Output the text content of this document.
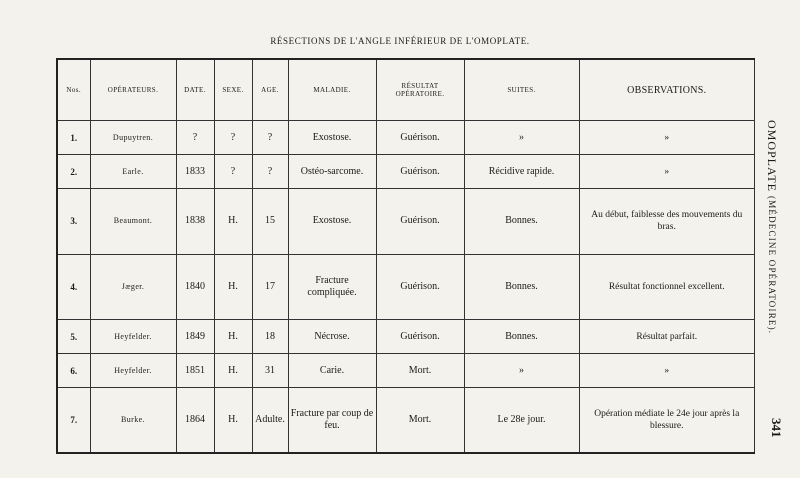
RÉSECTIONS DE L'ANGLE INFÉRIEUR DE L'OMOPLATE.
Nos.	OPÉRATEURS.	DATE.	SEXE.	AGE.	MALADIE.	RÉSULTAT OPÉRATOIRE.	SUITES.	OBSERVATIONS.
1.	Dupuytren.	?	?	?	Exostose.	Guérison.	»	»
2.	Earle.	1833	?	?	Ostéo-sarcome.	Guérison.	Récidive rapide.	»
3.	Beaumont.	1838	H.	15	Exostose.	Guérison.	Bonnes.	Au début, faiblesse des mouvements du bras.
4.	Jæger.	1840	H.	17	Fracture compliquée.	Guérison.	Bonnes.	Résultat fonctionnel excellent.
5.	Heyfelder.	1849	H.	18	Nécrose.	Guérison.	Bonnes.	Résultat parfait.
6.	Heyfelder.	1851	H.	31	Carie.	Mort.	»	»
7.	Burke.	1864	H.	Adulte.	Fracture par coup de feu.	Mort.	Le 28e jour.	Opération médiate le 24e jour après la blessure.
OMOPLATE (MÉDECINE OPÉRATOIRE).
341
